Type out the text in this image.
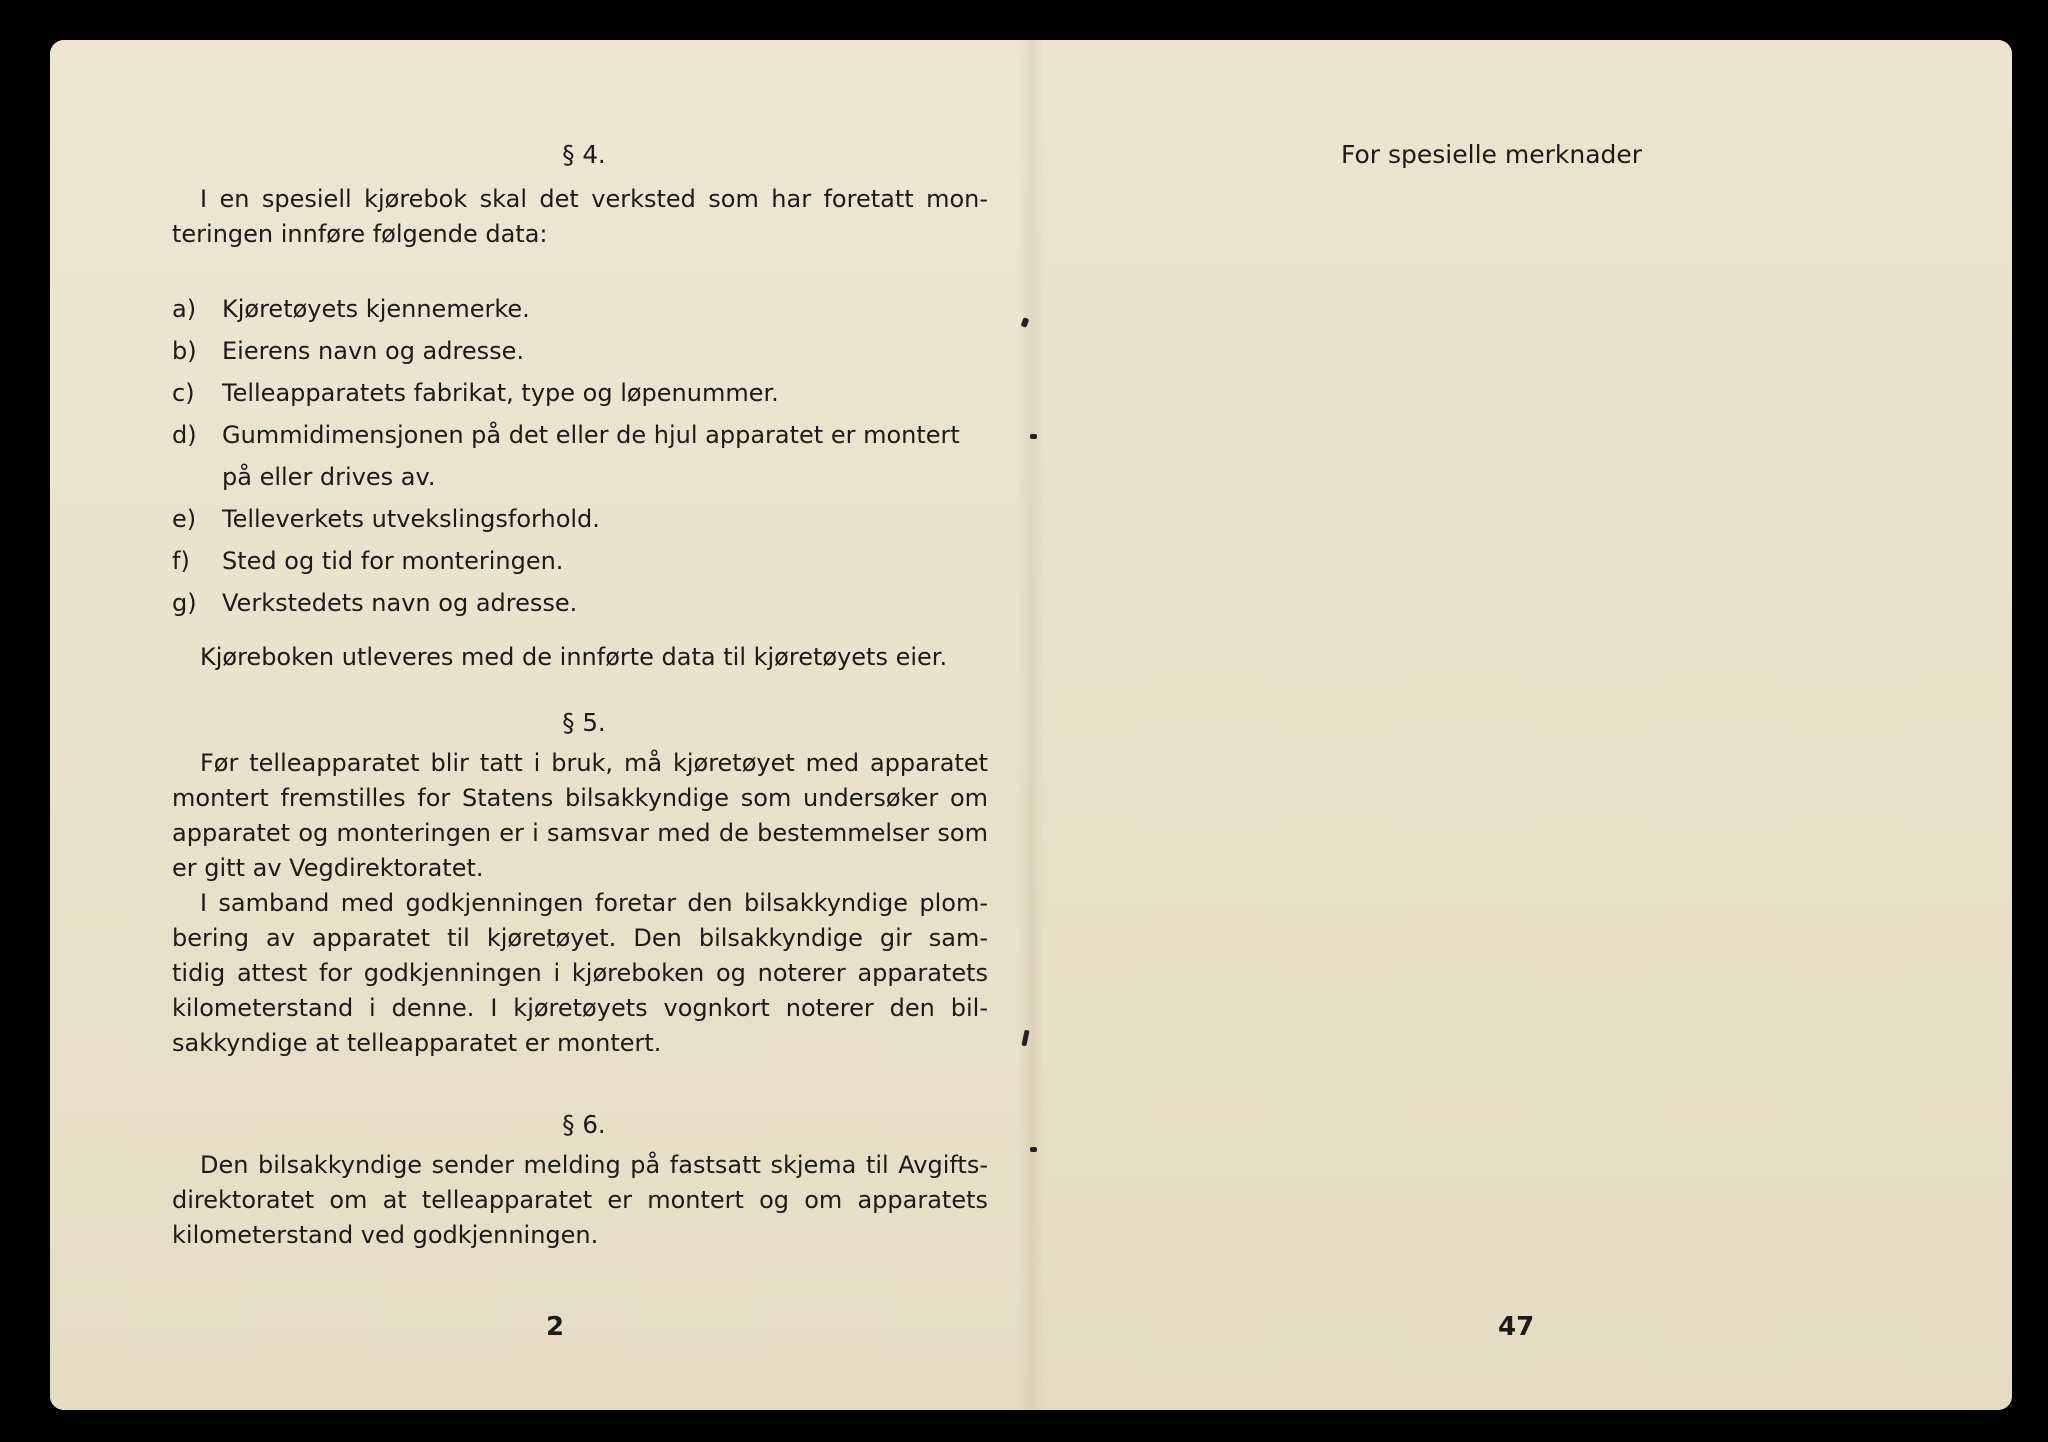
§ 4.

I en spesiell kjørebok skal det verksted som har foretatt mon-
teringen innføre følgende data:
a) Kjøretøyets kjennemerke.
b) Eierens navn og adresse.
c) Telleapparatets fabrikat, type og løpenummer.
d) Gummidimensjonen på det eller de hjul apparatet er montert
på eller drives av.
e) Telleverkets utvekslingsforhold.
f) Sted og tid for monteringen.
g) Verkstedets navn og adresse.
Kjøreboken utleveres med de innførte data til kjøretøyets eier.

§ 5.

Før telleapparatet blir tatt i bruk, må kjøretøyet med apparatet
montert fremstilles for Statens bilsakkyndige som undersøker om
apparatet og monteringen er i samsvar med de bestemmelser som
er gitt av Vegdirektoratet.
I samband med godkjenningen foretar den bilsakkyndige plom-
bering av apparatet til kjøretøyet. Den bilsakkyndige gir sam-
tidig attest for godkjenningen i kjøreboken og noterer apparatets
kilometerstand i denne. I kjøretøyets vognkort noterer den bil-
sakkyndige at telleapparatet er montert.

§ 6.

Den bilsakkyndige sender melding på fastsatt skjema til Avgifts-
direktoratet om at telleapparatet er montert og om apparatets
kilometerstand ved godkjenningen.
2
For spesielle merknader
47
